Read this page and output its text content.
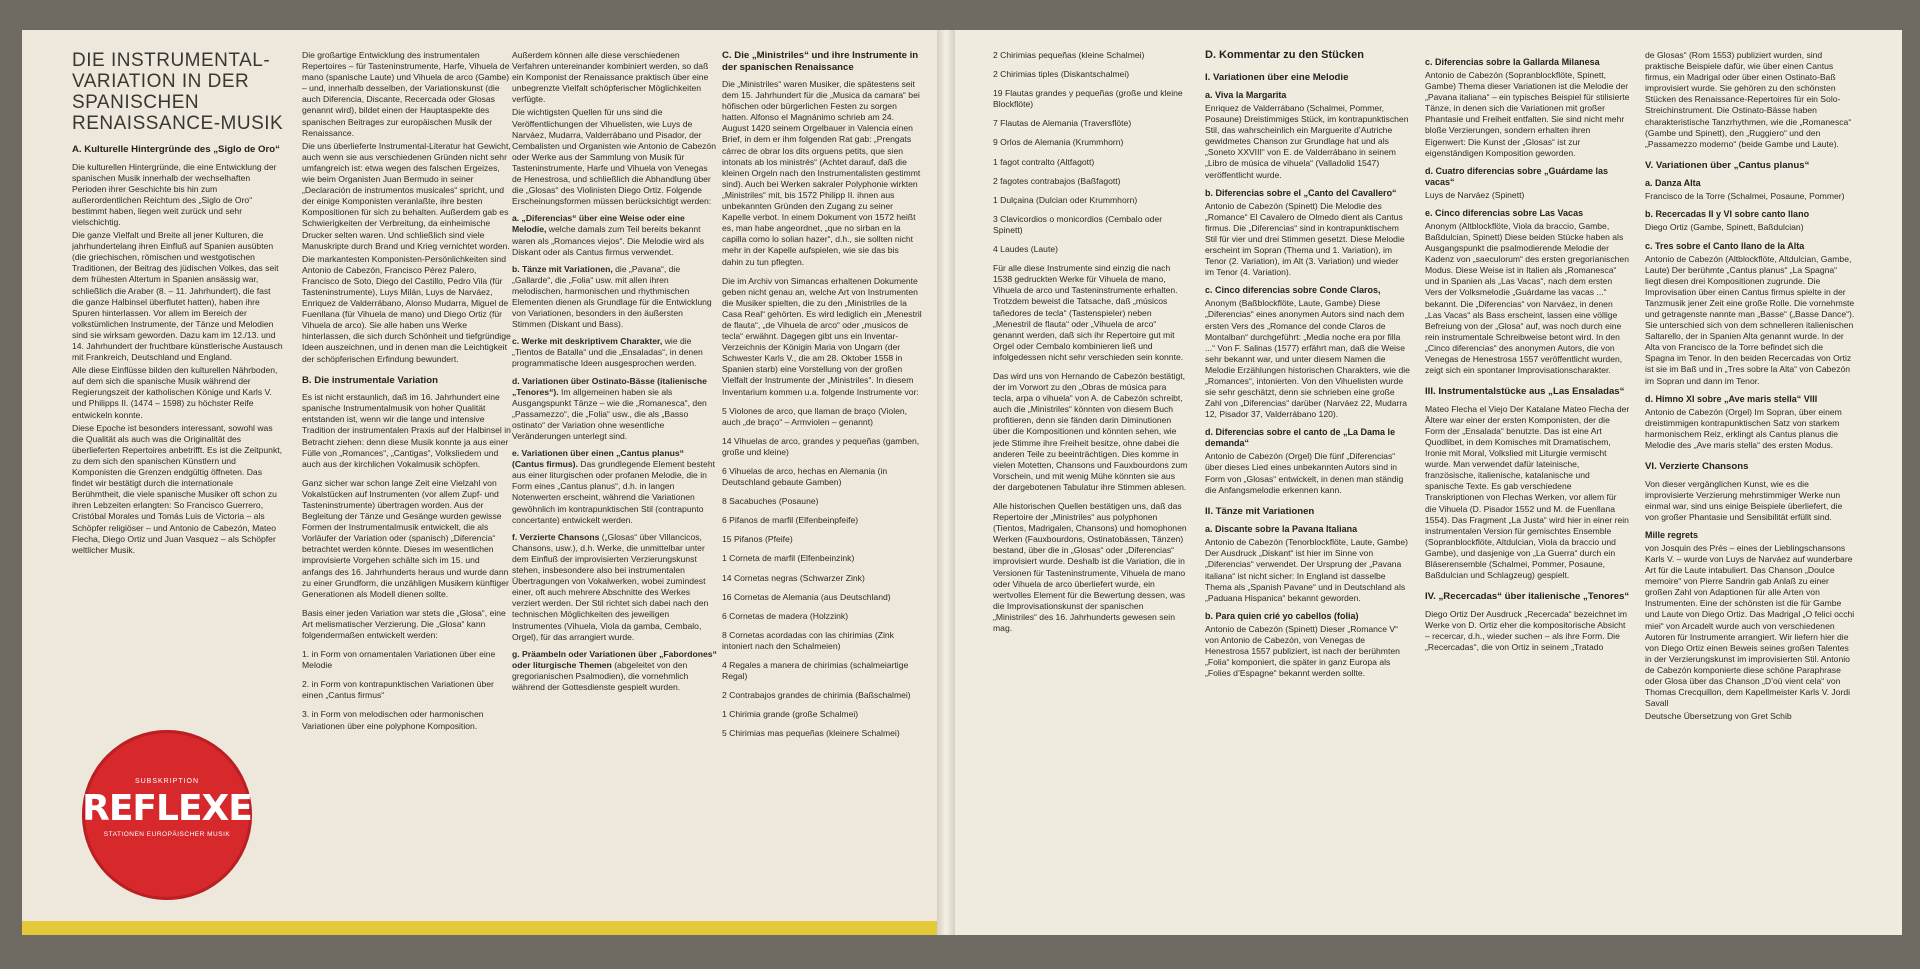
DIE INSTRUMENTAL-VARIATION IN DER SPANISCHEN RENAISSANCE-MUSIK
A. Kulturelle Hintergründe des „Siglo de Oro“

Die kulturellen Hintergründe, die eine Entwicklung der spanischen Musik innerhalb der wechselhaften Perioden ihrer Geschichte bis hin zum außerordentlichen Reichtum des „Siglo de Oro“ bestimmt haben, liegen weit zurück und sehr vielschichtig.

Die ganze Vielfalt und Breite all jener Kulturen, die jahrhundertelang ihren Einfluß auf Spanien ausübten (die griechischen, römischen und westgotischen Traditionen, der Beitrag des jüdischen Volkes, das seit dem frühesten Altertum in Spanien ansässig war, schließlich die Araber (8. – 11. Jahrhundert), die fast die ganze Halbinsel überflutet hatten), haben ihre Spuren hinterlassen. Vor allem im Bereich der volkstümlichen Instrumente, der Tänze und Melodien sind sie wirksam geworden. Dazu kam im 12./13. und 14. Jahrhundert der fruchtbare künstlerische Austausch mit Frankreich, Deutschland und England.

Alle diese Einflüsse bilden den kulturellen Nährboden, auf dem sich die spanische Musik während der Regierungszeit der katholischen Könige und Karls V. und Philipps II. (1474 – 1598) zu höchster Reife entwickeln konnte.

Diese Epoche ist besonders interessant, sowohl was die Qualität als auch was die Originalität des überlieferten Repertoires anbetrifft. Es ist die Zeitpunkt, zu dem sich den spanischen Künstlern und Komponisten die Grenzen endgültig öffneten. Das findet wir bestätigt durch die internationale Berühmtheit, die viele spanische Musiker oft schon zu ihren Lebzeiten erlangten: So Francisco Guerrero, Cristóbal Morales und Tomás Luis de Victoria – als Schöpfer religiöser – und Antonio de Cabezón, Mateo Flecha, Diego Ortiz und Juan Vasquez – als Schöpfer weltlicher Musik.

Die großartige Entwicklung des instrumentalen Repertoires – für Tasteninstrumente, Harfe, Vihuela de mano (spanische Laute) und Vihuela de arco (Gambe) – und, innerhalb desselben, der Variationskunst (die auch Diferencia, Discante, Recercada oder Glosas genannt wird), bildet einen der Hauptaspekte des spanischen Beitrages zur europäischen Musik der Renaissance.

Die uns überlieferte Instrumental-Literatur hat Gewicht, auch wenn sie aus verschiedenen Gründen nicht sehr umfangreich ist: etwa wegen des falschen Ergeizes, wie beim Organisten Juan Bermudo in seiner „Declaración de instrumentos musicales“ spricht, und der einige Komponisten veranlaßte, ihre besten Kompositionen für sich zu behalten. Außerdem gab es Schwierigkeiten der Verbreitung, da einheimische Drucker selten waren. Und schließlich sind viele Manuskripte durch Brand und Krieg vernichtet worden.

Die markantesten Komponisten-Persönlichkeiten sind Antonio de Cabezón, Francisco Pérez Palero, Francisco de Soto, Diego del Castillo, Pedro Vila (für Tasteninstrumente), Luys Milán, Luys de Narváez, Enriquez de Valderrábano, Alonso Mudarra, Miguel de Fuenllana (für Vihuela de mano) und Diego Ortiz (für Vihuela de arco). Sie alle haben uns Werke hinterlassen, die sich durch Schönheit und tiefgründige Ideen auszeichnen, und in denen man die Leichtigkeit der schöpferischen Erfindung bewundert.

B. Die instrumentale Variation

Es ist nicht erstaunlich, daß im 16. Jahrhundert eine spanische Instrumentalmusik von hoher Qualität entstanden ist, wenn wir die lange und intensive Tradition der instrumentalen Praxis auf der Halbinsel in Betracht ziehen: denn diese Musik konnte ja aus einer Fülle von „Romances“, „Cantigas“, Volksliedern und auch aus der kirchlichen Vokalmusik schöpfen.

Ganz sicher war schon lange Zeit eine Vielzahl von Vokalstücken auf Instrumenten (vor allem Zupf- und Tasteninstrumente) übertragen worden. Aus der Begleitung der Tänze und Gesänge wurden gewisse Formen der Instrumentalmusik entwickelt, die als Vorläufer der Variation oder (spanisch) „Diferencia“ betrachtet werden könnte. Dieses im wesentlichen improvisierte Vorgehen schälte sich im 15. und anfangs des 16. Jahrhunderts heraus und wurde dann zu einer Grundform, die unzähligen Musikern künftiger Generationen als Modell dienen sollte.

Basis einer jeden Variation war stets die „Glosa“, eine Art melismatischer Verzierung. Die „Glosa“ kann folgendermaßen entwickelt werden:

1. in Form von ornamentalen Variationen über eine Melodie

2. in Form von kontrapunktischen Variationen über einen „Cantus firmus“

3. in Form von melodischen oder harmonischen Variationen über eine polyphone Komposition.

Außerdem können alle diese verschiedenen Verfahren untereinander kombiniert werden, so daß ein Komponist der Renaissance praktisch über eine unbegrenzte Vielfalt schöpferischer Möglichkeiten verfügte.

Die wichtigsten Quellen für uns sind die Veröffentlichungen der Vihuelisten, wie Luys de Narváez, Mudarra, Valderrábano und Pisador, der Cembalisten und Organisten wie Antonio de Cabezón oder Werke aus der Sammlung von Musik für Tasteninstrumente, Harfe und Vihuela von Venegas de Henestrosa, und schließlich die Abhandlung über die „Glosas“ des Violinisten Diego Ortiz. Folgende Erscheinungsformen müssen berücksichtigt werden:

a. „Diferencias“ über eine Weise oder eine Melodie, welche damals zum Teil bereits bekannt waren als „Romances viejos“. Die Melodie wird als Diskant oder als Cantus firmus verwendet.

b. Tänze mit Variationen, die „Pavana“, die „Gallarde“, die „Folia“ usw. mit allen ihren melodischen, harmonischen und rhythmischen Elementen dienen als Grundlage für die Entwicklung von Variationen, besonders in den äußersten Stimmen (Diskant und Bass).

c. Werke mit deskriptivem Charakter, wie die „Tientos de Batalla“ und die „Ensaladas“, in denen programmatische Ideen ausgesprochen werden.

d. Variationen über Ostinato-Bässe (italienische „Tenores“). Im allgemeinen haben sie als Ausgangspunkt Tänze – wie die „Romanesca“, den „Passamezzo“, die „Folia“ usw., die als „Basso ostinato“ der Variation ohne wesentliche Veränderungen unterlegt sind.

e. Variationen über einen „Cantus planus“ (Cantus firmus). Das grundlegende Element besteht aus einer liturgischen oder profanen Melodie, die in Form eines „Cantus planus“, d.h. in langen Notenwerten erscheint, während die Variationen gewöhnlich im kontrapunktischen Stil (contrapunto concertante) entwickelt werden.

f. Verzierte Chansons („Glosas“ über Villancicos, Chansons, usw.), d.h. Werke, die unmittelbar unter dem Einfluß der improvisierten Verzierungskunst stehen, insbesondere also bei instrumentalen Übertragungen von Vokalwerken, wobei zumindest einer, oft auch mehrere Abschnitte des Werkes verziert werden. Der Stil richtet sich dabei nach den technischen Möglichkeiten des jeweiligen Instrumentes (Vihuela, Viola da gamba, Cembalo, Orgel), für das arrangiert wurde.

g. Präambeln oder Variationen über „Fabordones“ oder liturgische Themen (abgeleitet von den gregorianischen Psalmodien), die vornehmlich während der Gottesdienste gespielt wurden.

C. Die „Ministriles“ und ihre Instrumente in der spanischen Renaissance

Die „Ministriles“ waren Musiker, die spätestens seit dem 15. Jahrhundert für die „Musica da camara“ bei höfischen oder bürgerlichen Festen zu sorgen hatten. Alfonso el Magnánimo schrieb am 24. August 1420 seinem Orgelbauer in Valencia einen Brief, in dem er ihm folgenden Rat gab: „Prengats cárrec de obrar los dits orguens petits, que sien intonats ab los ministrés“ (Achtet darauf, daß die kleinen Orgeln nach den Instrumentalisten gestimmt sind). Auch bei Werken sakraler Polyphonie wirkten „Ministriles“ mit, bis 1572 Philipp II. ihnen aus unbekannten Gründen den Zugang zu seiner Kapelle verbot. In einem Dokument von 1572 heißt es, man habe angeordnet, „que no sirban en la capilla como lo solian hazer“, d.h., sie sollten nicht mehr in der Kapelle aufspielen, wie sie das bis dahin zu tun pflegten.

Die im Archiv von Simancas erhaltenen Dokumente geben nicht genau an, welche Art von Instrumenten die Musiker spielten, die zu den „Ministriles de la Casa Real“ gehörten. Es wird lediglich ein „Menestril de flauta“, „de Vihuela de arco“ oder „musicos de tecla“ erwähnt. Dagegen gibt uns ein Inventar-Verzeichnis der Königin Maria von Ungarn (der Schwester Karls V., die am 28. Oktober 1558 in Spanien starb) eine Vorstellung von der großen Vielfalt der Instrumente der „Ministriles“. In diesem Inventarium kommen u.a. folgende Instrumente vor:

5 Violones de arco, que llaman de braço (Violen, auch „de braço“ – Armviolen – genannt)

14 Vihuelas de arco, grandes y pequeñas (gamben, große und kleine)

6 Vihuelas de arco, hechas en Alemania (in Deutschland gebaute Gamben)

8 Sacabuches (Posaune)

6 Pifanos de marfil (Elfenbeinpfeife)

15 Pifanos (Pfeife)

1 Corneta de marfil (Elfenbeinzink)

14 Cornetas negras (Schwarzer Zink)

16 Cornetas de Alemania (aus Deutschland)

6 Cornetas de madera (Holzzink)

8 Cornetas acordadas con las chirimias (Zink intoniert nach den Schalmeien)

4 Regales a manera de chirimias (schalmeiartige Regal)

2 Contrabajos grandes de chirimia (Baßschalmei)

1 Chirimia grande (große Schalmei)

5 Chirimias mas pequeñas (kleinere Schalmei)

SUBSKRIPTION
REFLEXE
STATIONEN EUROPÄISCHER MUSIK

2 Chirimias pequeñas (kleine Schalmei)

2 Chirimias tiples (Diskantschalmei)

19 Flautas grandes y pequeñas (große und kleine Blockflöte)

7 Flautas de Alemania (Traversflöte)

9 Orlos de Alemania (Krummhorn)

1 fagot contralto (Altfagott)

2 fagotes contrabajos (Baßfagott)

1 Dulçaina (Dulcian oder Krummhorn)

3 Clavicordios o monicordios (Cembalo oder Spinett)

4 Laudes (Laute)

Für alle diese Instrumente sind einzig die nach 1538 gedruckten Werke für Vihuela de mano, Vihuela de arco und Tasteninstrumente erhalten. Trotzdem beweist die Tatsache, daß „músicos tañedores de tecla“ (Tastenspieler) neben „Menestril de flauta“ oder „Vihuela de arco“ genannt werden, daß sich ihr Repertoire gut mit Orgel oder Cembalo kombinieren ließ und infolgedessen nicht sehr verschieden sein konnte.

Das wird uns von Hernando de Cabezón bestätigt, der im Vorwort zu den „Obras de música para tecla, arpa o vihuela“ von A. de Cabezón schreibt, auch die „Ministriles“ könnten von diesem Buch profitieren, denn sie fänden darin Diminutionen über die Kompositionen und könnten sehen, wie jede Stimme ihre Freiheit besitze, ohne dabei die anderen Teile zu beeinträchtigen. Dies komme in vielen Motetten, Chansons und Fauxbourdons zum Vorschein, und mit wenig Mühe könnten sie aus der dargebotenen Tabulatur ihre Stimmen ablesen.

Alle historischen Quellen bestätigen uns, daß das Repertoire der „Ministriles“ aus polyphonen (Tientos, Madrigalen, Chansons) und homophonen Werken (Fauxbourdons, Ostinatobässen, Tänzen) bestand, über die in „Glosas“ oder „Diferencias“ improvisiert wurde. Deshalb ist die Variation, die in Versionen für Tasteninstrumente, Vihuela de mano oder Vihuela de arco überliefert wurde, ein wertvolles Element für die Bewertung dessen, was die Improvisationskunst der spanischen „Ministriles“ des 16. Jahrhunderts gewesen sein mag.

D. Kommentar zu den Stücken
I. Variationen über eine Melodie
a. Viva la Margarita

Enriquez de Valderrábano (Schalmei, Pommer, Posaune) Dreistimmiges Stück, im kontrapunktischen Stil, das wahrscheinlich ein Marguerite d’Autriche gewidmetes Chanson zur Grundlage hat und als „Soneto XXVIII“ von E. de Valderrábano in seinem „Libro de música de vihuela“ (Valladolid 1547) veröffentlicht wurde.

b. Diferencias sobre el „Canto del Cavallero“

Antonio de Cabezón (Spinett) Die Melodie des „Romance“ El Cavalero de Olmedo dient als Cantus firmus. Die „Diferencias“ sind in kontrapunktischem Stil für vier und drei Stimmen gesetzt. Diese Melodie erscheint im Sopran (Thema und 1. Variation), im Tenor (2. Variation), im Alt (3. Variation) und wieder im Tenor (4. Variation).

c. Cinco diferencias sobre Conde Claros,

Anonym (Baßblockflöte, Laute, Gambe) Diese „Diferencias“ eines anonymen Autors sind nach dem ersten Vers des „Romance del conde Claros de Montalban“ durchgeführt: „Media noche era por filla ...“ Von F. Salinas (1577) erfährt man, daß die Weise sehr bekannt war, und unter diesem Namen die Melodie Erzählungen historischen Charakters, wie die „Romances“, intonierten. Von den Vihuelisten wurde sie sehr geschätzt, denn sie schrieben eine große Zahl von „Diferencias“ darüber (Narváez 22, Mudarra 12, Pisador 37, Valderrábano 120).

d. Diferencias sobre el canto de „La Dama le demanda“

Antonio de Cabezón (Orgel) Die fünf „Diferencias“ über dieses Lied eines unbekannten Autors sind in Form von „Glosas“ entwickelt, in denen man ständig die Anfangsmelodie erkennen kann.

II. Tänze mit Variationen
a. Discante sobre la Pavana Italiana

Antonio de Cabezón (Tenorblockflöte, Laute, Gambe) Der Ausdruck „Diskant“ ist hier im Sinne von „Diferencias“ verwendet. Der Ursprung der „Pavana italiana“ ist nicht sicher: In England ist dasselbe Thema als „Spanish Pavane“ und in Deutschland als „Paduana Hispanica“ bekannt geworden.

b. Para quien crié yo cabellos (folia)

Antonio de Cabezón (Spinett) Dieser „Romance V“ von Antonio de Cabezón, von Venegas de Henestrosa 1557 publiziert, ist nach der berühmten „Folia“ komponiert, die später in ganz Europa als „Folies d’Espagne“ bekannt werden sollte.

c. Diferencias sobre la Gallarda Milanesa

Antonio de Cabezón (Sopranblockflöte, Spinett, Gambe) Thema dieser Variationen ist die Melodie der „Pavana italiana“ – ein typisches Beispiel für stilisierte Tänze, in denen sich die Variationen mit großer Phantasie und Freiheit entfalten. Sie sind nicht mehr bloße Verzierungen, sondern erhalten ihren Eigenwert: Die Kunst der „Glosas“ ist zur eigenständigen Komposition geworden.

d. Cuatro diferencias sobre „Guárdame las vacas“

Luys de Narváez (Spinett)

e. Cinco diferencias sobre Las Vacas

Anonym (Altblockflöte, Viola da braccio, Gambe, Baßdulcian, Spinett) Diese beiden Stücke haben als Ausgangspunkt die psalmodierende Melodie der Kadenz von „saeculorum“ des ersten gregorianischen Modus. Diese Weise ist in Italien als „Romanesca“ und in Spanien als „Las Vacas“, nach dem ersten Vers der Volksmelodie „Guárdame las vacas ...“ bekannt. Die „Diferencias“ von Narváez, in denen „Las Vacas“ als Bass erscheint, lassen eine völlige Befreiung von der „Glosa“ auf, was noch durch eine rein instrumentale Schreibweise betont wird. In den „Cinco diferencias“ des anonymen Autors, die von Venegas de Henestrosa 1557 veröffentlicht wurden, zeigt sich ein spontaner Improvisationscharakter.

III. Instrumentalstücke aus „Las Ensaladas“

Mateo Flecha el Viejo Der Katalane Mateo Flecha der Ältere war einer der ersten Komponisten, der die Form der „Ensalada“ benutzte. Das ist eine Art Quodlibet, in dem Komisches mit Dramatischem, Ironie mit Moral, Volkslied mit Liturgie vermischt wurde. Man verwendet dafür lateinische, französische, italienische, katalanische und spanische Texte. Es gab verschiedene Transkriptionen von Flechas Werken, vor allem für die Vihuela (D. Pisador 1552 und M. de Fuenllana 1554). Das Fragment „La Justa“ wird hier in einer rein instrumentalen Version für gemischtes Ensemble (Sopranblockflöte, Altdulcian, Viola da braccio und Gambe), und dasjenige von „La Guerra“ durch ein Bläserensemble (Schalmei, Pommer, Posaune, Baßdulcian und Schlagzeug) gespielt.

IV. „Recercadas“ über italienische „Tenores“

Diego Ortiz Der Ausdruck „Recercada“ bezeichnet im Werke von D. Ortiz eher die kompositorische Absicht – recercar, d.h., wieder suchen – als ihre Form. Die „Recercadas“, die von Ortiz in seinem „Tratado

de Glosas“ (Rom 1553) publiziert wurden, sind praktische Beispiele dafür, wie über einen Cantus firmus, ein Madrigal oder über einen Ostinato-Baß improvisiert wurde. Sie gehören zu den schönsten Stücken des Renaissance-Repertoires für ein Solo-Streichinstrument. Die Ostinato-Bässe haben charakteristische Tanzrhythmen, wie die „Romanesca“ (Gambe und Spinett), den „Ruggiero“ und den „Passamezzo moderno“ (beide Gambe und Laute).

V. Variationen über „Cantus planus“
a. Danza Alta

Francisco de la Torre (Schalmei, Posaune, Pommer)

b. Recercadas II y VI sobre canto llano

Diego Ortiz (Gambe, Spinett, Baßdulcian)

c. Tres sobre el Canto llano de la Alta

Antonio de Cabezón (Altblockflöte, Altdulcian, Gambe, Laute) Der berühmte „Cantus planus“ „La Spagna“ liegt diesen drei Kompositionen zugrunde. Die Improvisation über einen Cantus firmus spielte in der Tanzmusik jener Zeit eine große Rolle. Die vornehmste und getragenste nannte man „Basse“ („Basse Dance“). Sie unterschied sich von dem schnelleren italienischen Saltarello, der in Spanien Alta genannt wurde. In der Alta von Francisco de la Torre befindet sich die Spagna im Tenor. In den beiden Recercadas von Ortiz ist sie im Baß und in „Tres sobre la Alta“ von Cabezón im Sopran und dann im Tenor.

d. Himno XI sobre „Ave maris stella“ VIII

Antonio de Cabezón (Orgel) Im Sopran, über einem dreistimmigen kontrapunktischen Satz von starkem harmonischem Reiz, erklingt als Cantus planus die Melodie des „Ave maris stella“ des ersten Modus.

VI. Verzierte Chansons

Von dieser vergänglichen Kunst, wie es die improvisierte Verzierung mehrstimmiger Werke nun einmal war, sind uns einige Beispiele überliefert, die von großer Phantasie und Sensibilität erfüllt sind.

Mille regrets

von Josquin des Prés – eines der Lieblingschansons Karls V. – wurde von Luys de Narváez auf wunderbare Art für die Laute intabuliert. Das Chanson „Doulce memoire“ von Pierre Sandrin gab Anlaß zu einer großen Zahl von Adaptionen für alle Arten von Instrumenten. Eine der schönsten ist die für Gambe und Laute von Diego Ortiz. Das Madrigal „O felici occhi miei“ von Arcadelt wurde auch von verschiedenen Autoren für Instrumente arrangiert. Wir liefern hier die von Diego Ortiz einen Beweis seines großen Talentes in der Verzierungskunst im improvisierten Stil. Antonio de Cabezón komponierte diese schöne Paraphrase oder Glosa über das Chanson „D’où vient cela“ von Thomas Crecquillon, dem Kapellmeister Karls V. Jordi Savall

Deutsche Übersetzung von Gret Schib
